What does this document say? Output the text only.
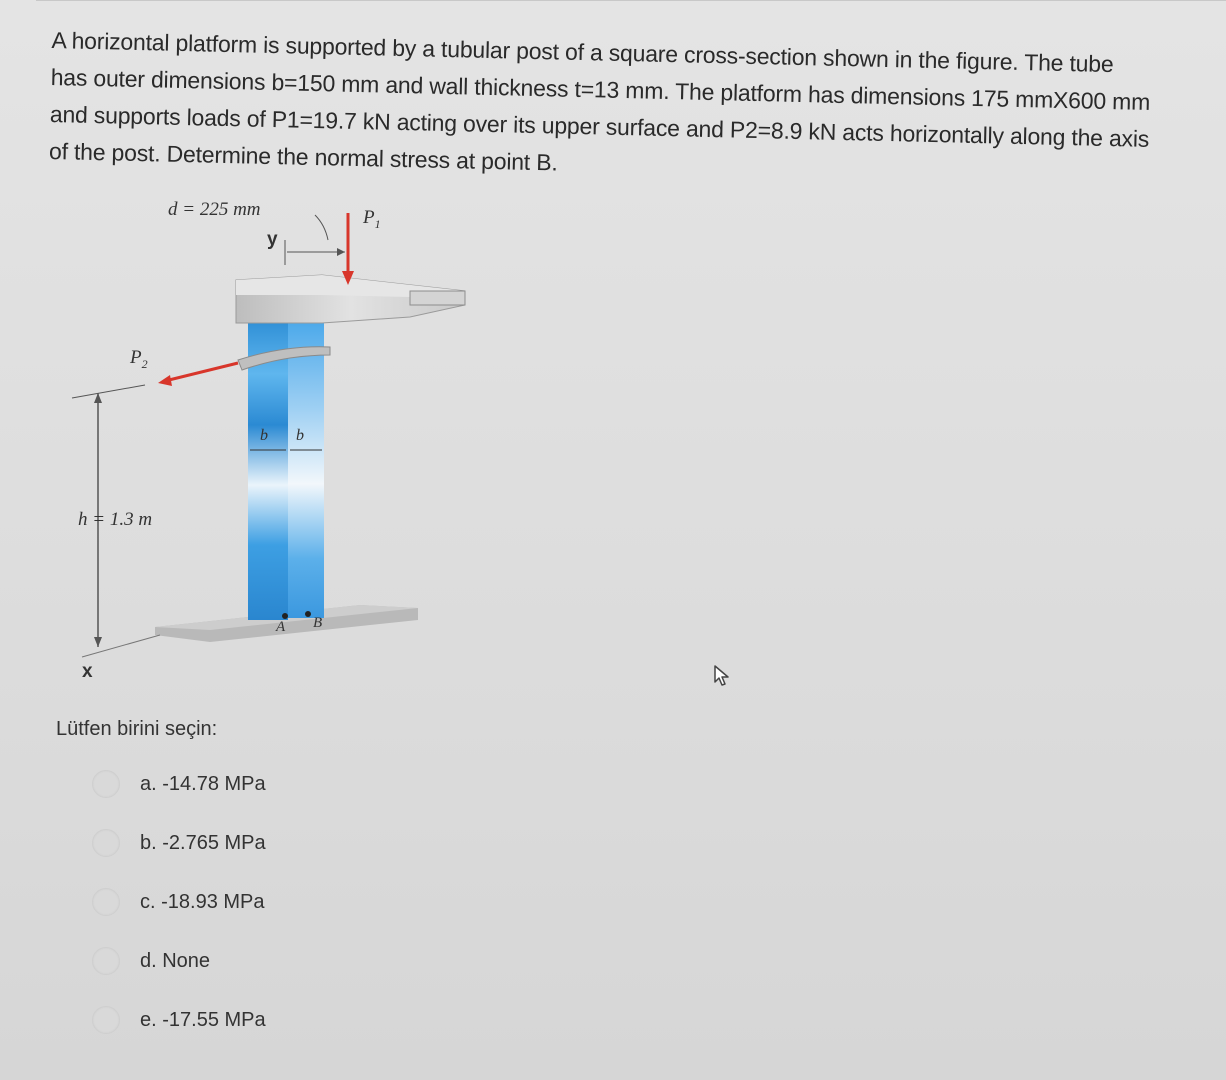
A horizontal platform is supported by a tubular post of a square cross-section shown in the figure. The tube has outer dimensions b=150 mm and wall thickness t=13 mm. The platform has dimensions 175 mmX600 mm and supports loads of P1=19.7 kN acting over its upper surface and P2=8.9 kN acts horizontally along the axis of the post. Determine the normal stress at point B.
d = 225 mm
y
$P_1$
$P_2$
b b
h = 1.3 m
x
A B
Lütfen birini seçin:
a. -14.78 MPa
b. -2.765 MPa
c. -18.93 MPa
d. None
e. -17.55 MPa
